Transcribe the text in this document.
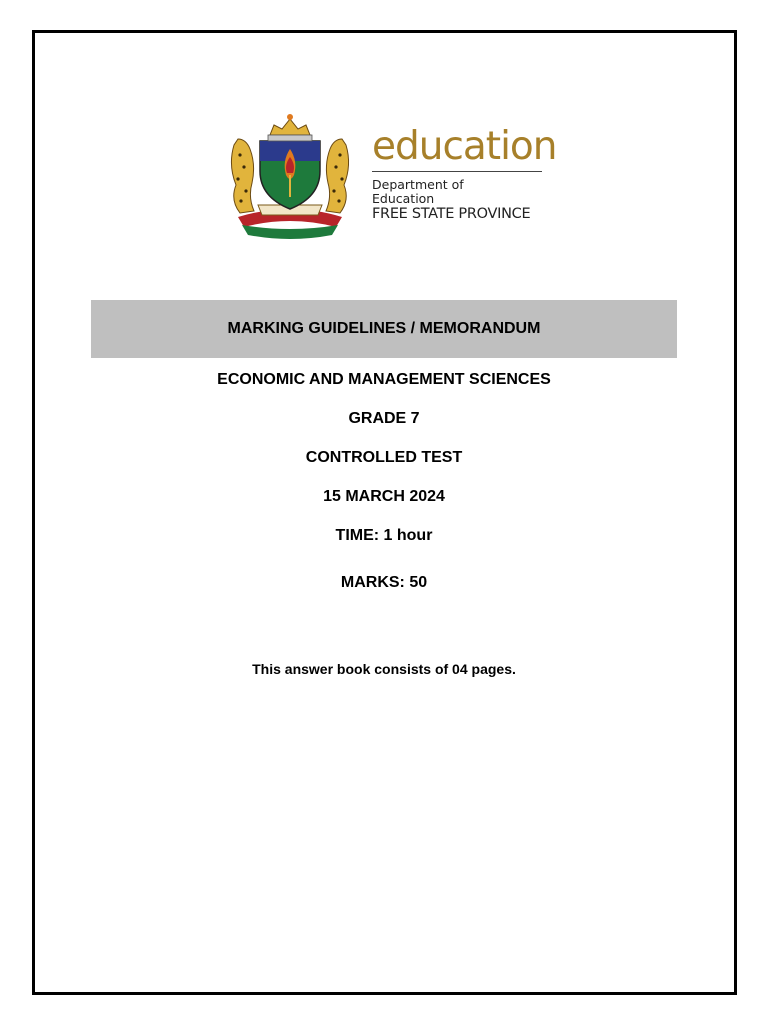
education
Department of
Education
FREE STATE PROVINCE
MARKING GUIDELINES / MEMORANDUM
ECONOMIC AND MANAGEMENT SCIENCES
GRADE 7
CONTROLLED TEST
15 MARCH 2024
TIME: 1 hour
MARKS: 50
This answer book consists of 04 pages.
